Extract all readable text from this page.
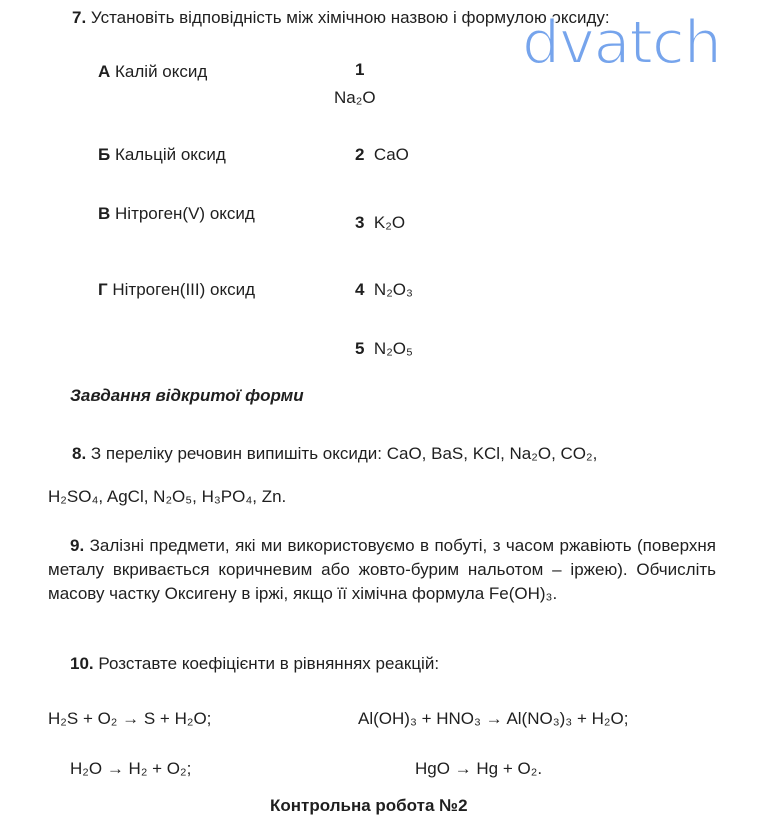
7. Установіть відповідність між хімічною назвою і формулою оксиду:
А Калій оксид
Б Кальцій оксид
В Нітроген(V) оксид
Г Нітроген(III) оксид
1
Na₂O
2 CaO
3 K₂O
4 N₂O₃
5 N₂O₅
Завдання відкритої форми
8. З переліку речовин випишіть оксиди: CaO, BaS, KCl, Na₂O, CO₂,
H₂SO₄, AgCl, N₂O₅, H₃PO₄, Zn.
9. Залізні предмети, які ми використовуємо в побуті, з часом ржавіють (поверхня металу вкривається коричневим або жовто-бурим нальотом – іржею). Обчисліть масову частку Оксигену в іржі, якщо її хімічна формула Fe(OH)₃.
10. Розставте коефіцієнти в рівняннях реакцій:
H₂S + O₂ → S + H₂O;	Al(OH)₃ + HNO₃ → Al(NO₃)₃ + H₂O;
H₂O → H₂ + O₂;	HgO → Hg + O₂.
Контрольна робота №2
dvatch
